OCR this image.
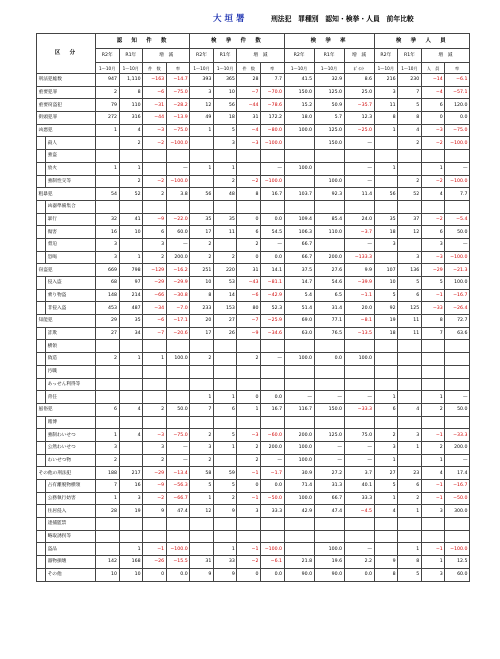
大垣署	刑法犯　罪種別　認知・検挙・人員　前年比較
区　分		認　知　件　数				検　挙　件　数				検　挙　率			検　挙　人　員			
		R2年	R1年	増　減		R2年	R1年	増　減		R2年	R1年	増　減	R2年	R1年	増　減	
		1～10月	1～10月	件　数	率	1～10月	1～10月	件　数	率	1～10月	1～10月	ﾎﾟｲﾝﾄ	1～10月	1～10月	人　員	率
刑法犯総数		947	1,110	−163	−14.7	393	365	28	7.7	41.5	32.9	8.6	216	230	−14	−6.1
重要犯罪		2	8	−6	−75.0	3	10	−7	−70.0	150.0	125.0	25.0	3	7	−4	−57.1
重要窃盗犯		79	110	−31	−28.2	12	56	−44	−78.6	15.2	50.9	−35.7	11	5	6	120.0
街頭犯罪		272	316	−44	−13.9	49	18	31	172.2	18.0	5.7	12.3	8	8	0	0.0
凶悪犯		1	4	−3	−75.0	1	5	−4	−80.0	100.0	125.0	−25.0	1	4	−3	−75.0
	殺人		2	−2	−100.0		3	−3	−100.0		150.0	—		2	−2	−100.0
	強盗															
	放火	1	1		—	1	1		—	100.0		—	1		1	—
	強制性交等		2	−2	−100.0		2	−2	−100.0		100.0	—		2	−2	−100.0
粗暴犯		54	52	2	3.8	56	48	8	16.7	103.7	92.3	11.4	56	52	4	7.7
	凶器準備集合															
	暴行	32	41	−9	−22.0	35	35	0	0.0	109.4	85.4	24.0	35	37	−2	−5.4
	傷害	16	10	6	60.0	17	11	6	54.5	106.3	110.0	−3.7	18	12	6	50.0
	脅迫	3		3	—	2		2	—	66.7		—	3		3	—
	恐喝	3	1	2	200.0	2	2	0	0.0	66.7	200.0	−133.3		3	−3	−100.0
窃盗犯		669	798	−129	−16.2	251	220	31	14.1	37.5	27.6	9.9	107	136	−29	−21.3
	侵入盗	68	97	−29	−29.9	10	53	−43	−81.1	14.7	54.6	−39.9	10	5	5	100.0
	乗り物盗	148	214	−66	−30.8	8	14	−6	−42.9	5.4	6.5	−1.1	5	6	−1	−16.7
	非侵入盗	453	487	−34	−7.0	233	153	80	52.3	51.4	31.4	20.0	92	125	−33	−26.4
知能犯		29	35	−6	−17.1	20	27	−7	−25.9	69.0	77.1	−8.1	19	11	8	72.7
	詐欺	27	34	−7	−20.6	17	26	−9	−34.6	63.0	76.5	−13.5	18	11	7	63.6
	横領															
	偽造	2	1	1	100.0	2		2	—	100.0	0.0	100.0				
	汚職															
	あっせん利得等															
	背任					1	1	0	0.0	—	—	—	1		1	—
風俗犯		6	4	2	50.0	7	6	1	16.7	116.7	150.0	−33.3	6	4	2	50.0
	賭博															
	強制わいせつ	1	4	−3	−75.0	2	5	−3	−60.0	200.0	125.0	75.0	2	3	−1	−33.3
	公然わいせつ	3		3	—	3	1	2	200.0	100.0	—	—	3	1	2	200.0
	わいせつ物	2		2	—	2		2	—	100.0	—	—	1		1	—
その他の刑法犯		188	217	−29	−13.4	58	59	−1	−1.7	30.9	27.2	3.7	27	23	4	17.4
	占有離脱物横領	7	16	−9	−56.3	5	5	0	0.0	71.4	31.3	40.1	5	6	−1	−16.7
	公務執行妨害	1	3	−2	−66.7	1	2	−1	−50.0	100.0	66.7	33.3	1	2	−1	−50.0
	住居侵入	28	19	9	47.4	12	9	3	33.3	42.9	47.4	−4.5	4	1	3	300.0
	逮捕監禁															
	略取誘拐等															
	盗品		1	−1	−100.0		1	−1	−100.0		100.0	—		1	−1	−100.0
	器物損壊	142	168	−26	−15.5	31	33	−2	−6.1	21.8	19.6	2.2	9	8	1	12.5
	その他	10	10	0	0.0	9	9	0	0.0	90.0	90.0	0.0	8	5	3	60.0
